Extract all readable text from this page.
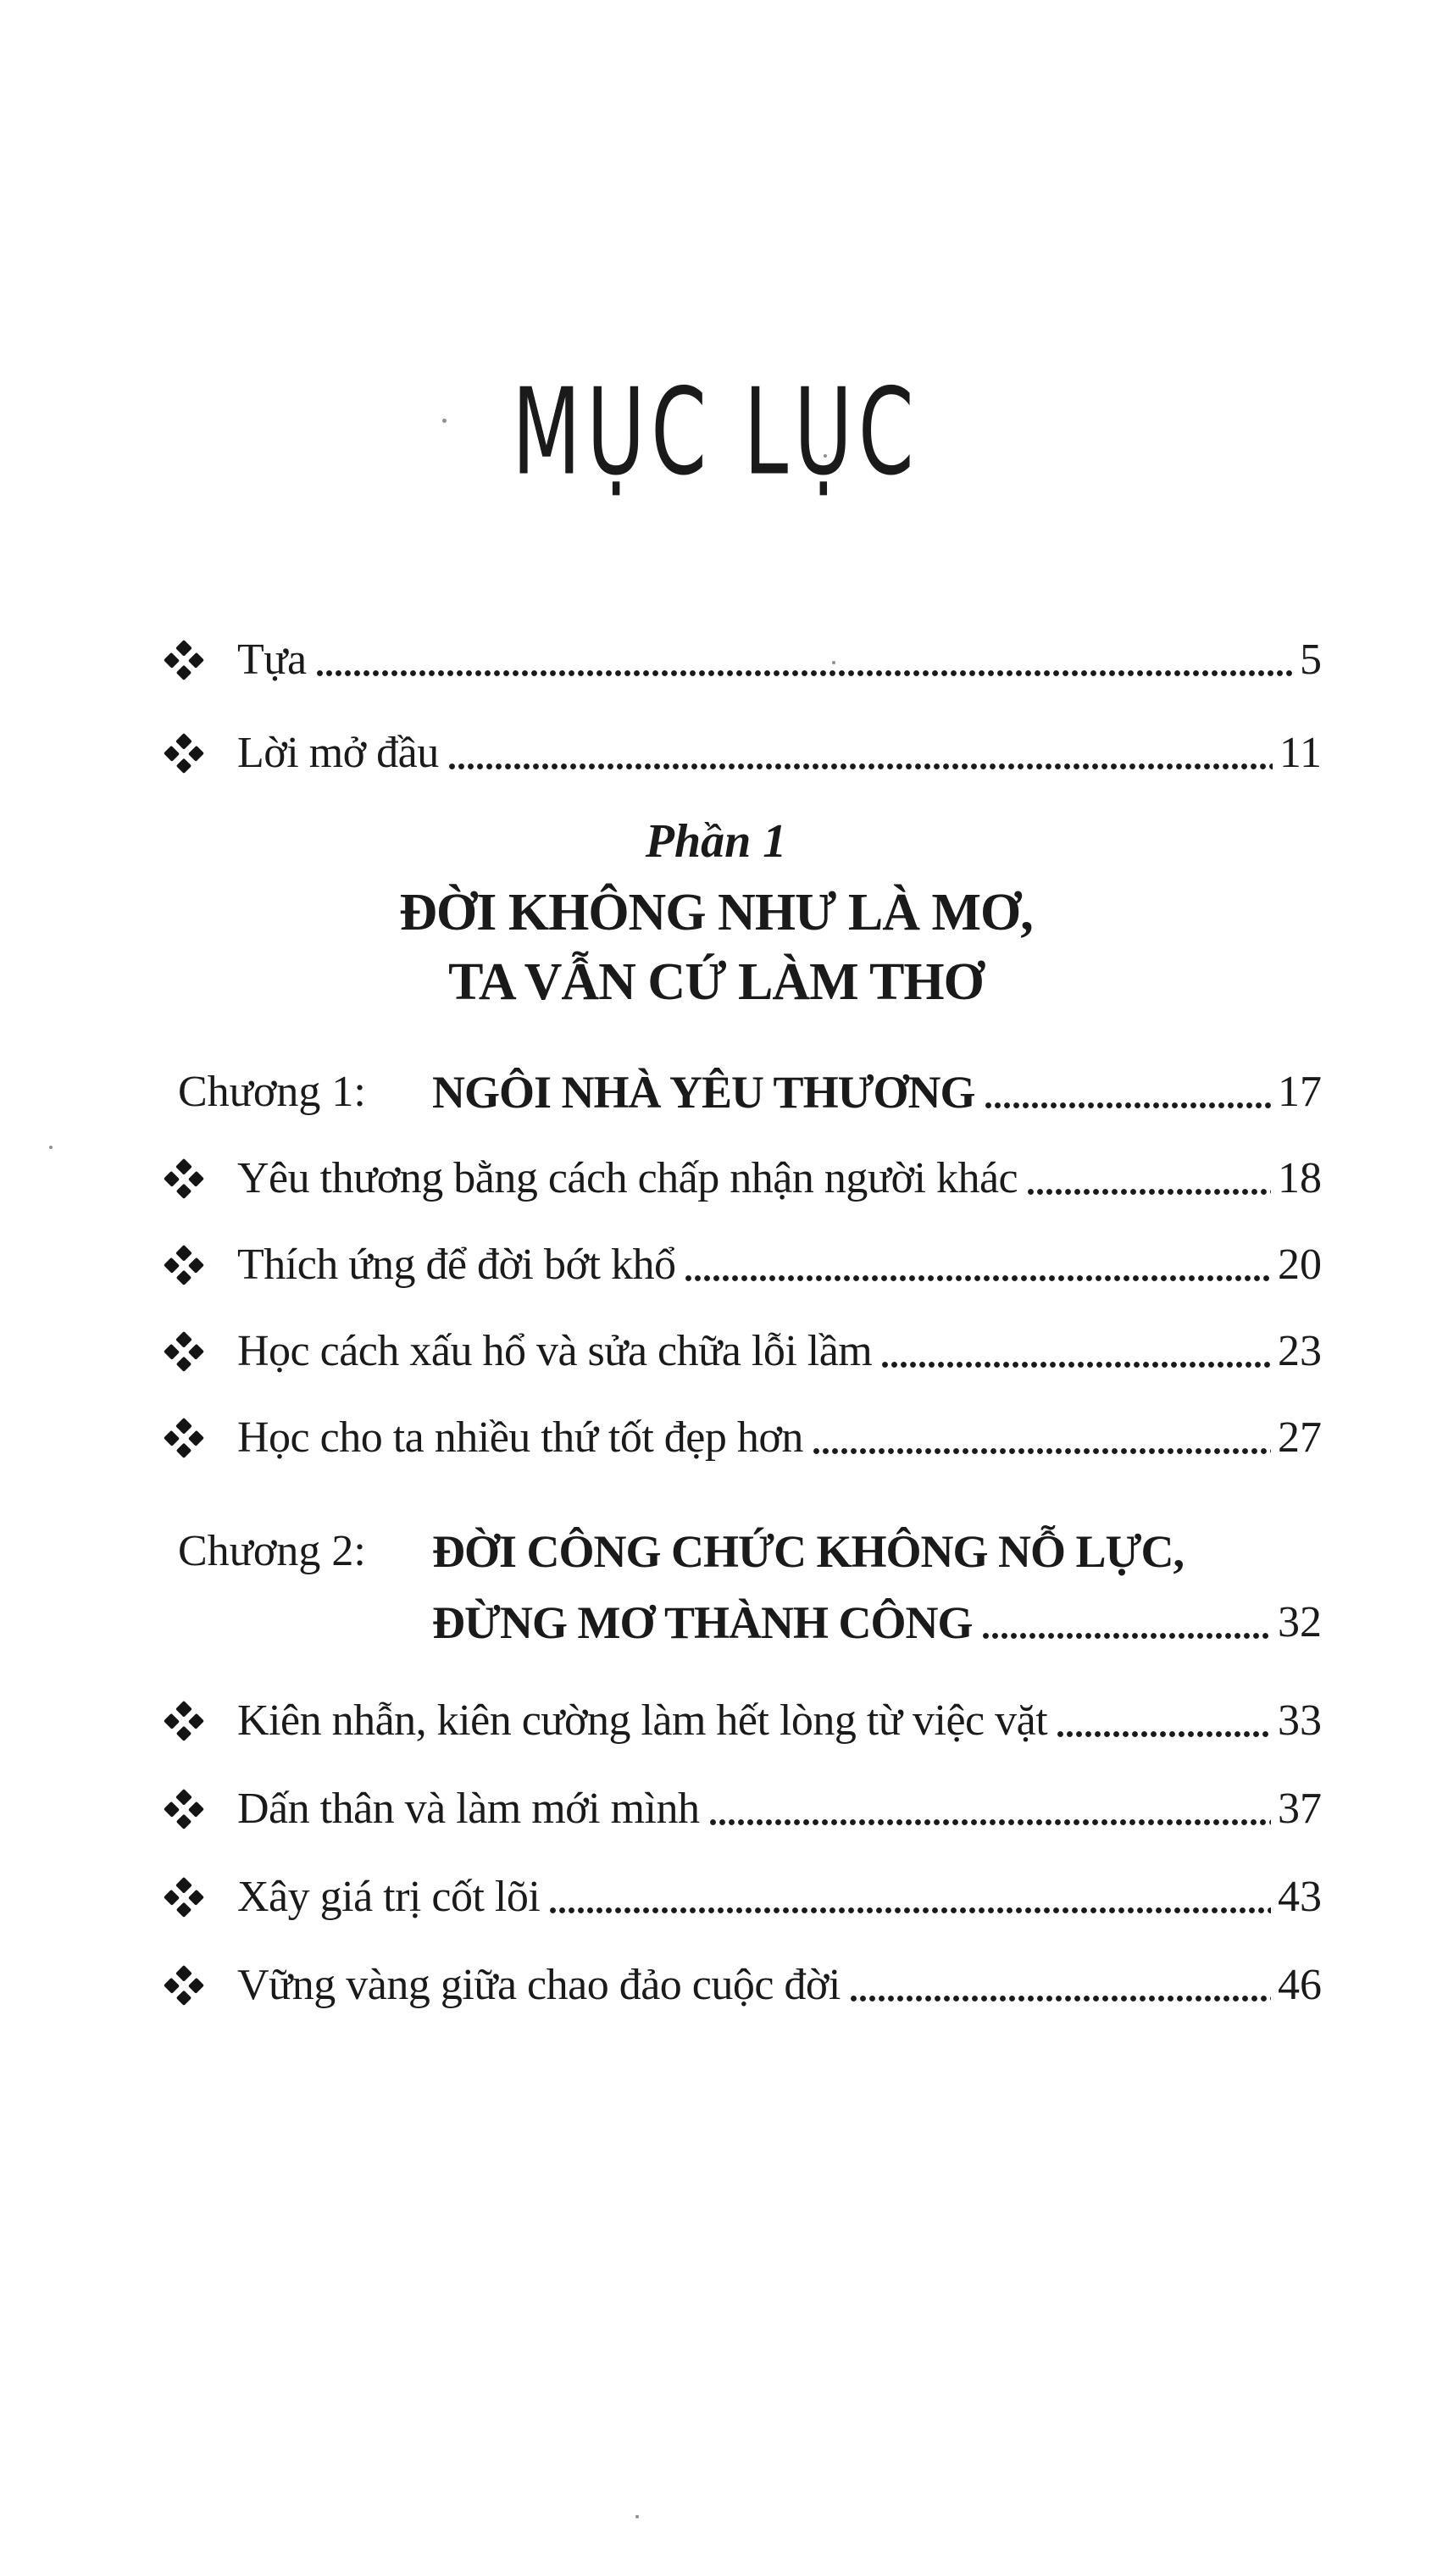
MỤC LỤC
Tựa	5
Lời mở đầu	11
Phần 1
ĐỜI KHÔNG NHƯ LÀ MƠ,
TA VẪN CỨ LÀM THƠ
Chương 1:	NGÔI NHÀ YÊU THƯƠNG	17
Yêu thương bằng cách chấp nhận người khác	18
Thích ứng để đời bớt khổ	20
Học cách xấu hổ và sửa chữa lỗi lầm	23
Học cho ta nhiều thứ tốt đẹp hơn	27
Chương 2:	ĐỜI CÔNG CHỨC KHÔNG NỖ LỰC,
ĐỪNG MƠ THÀNH CÔNG	32
Kiên nhẫn, kiên cường làm hết lòng từ việc vặt	33
Dấn thân và làm mới mình	37
Xây giá trị cốt lõi	43
Vững vàng giữa chao đảo cuộc đời	46
